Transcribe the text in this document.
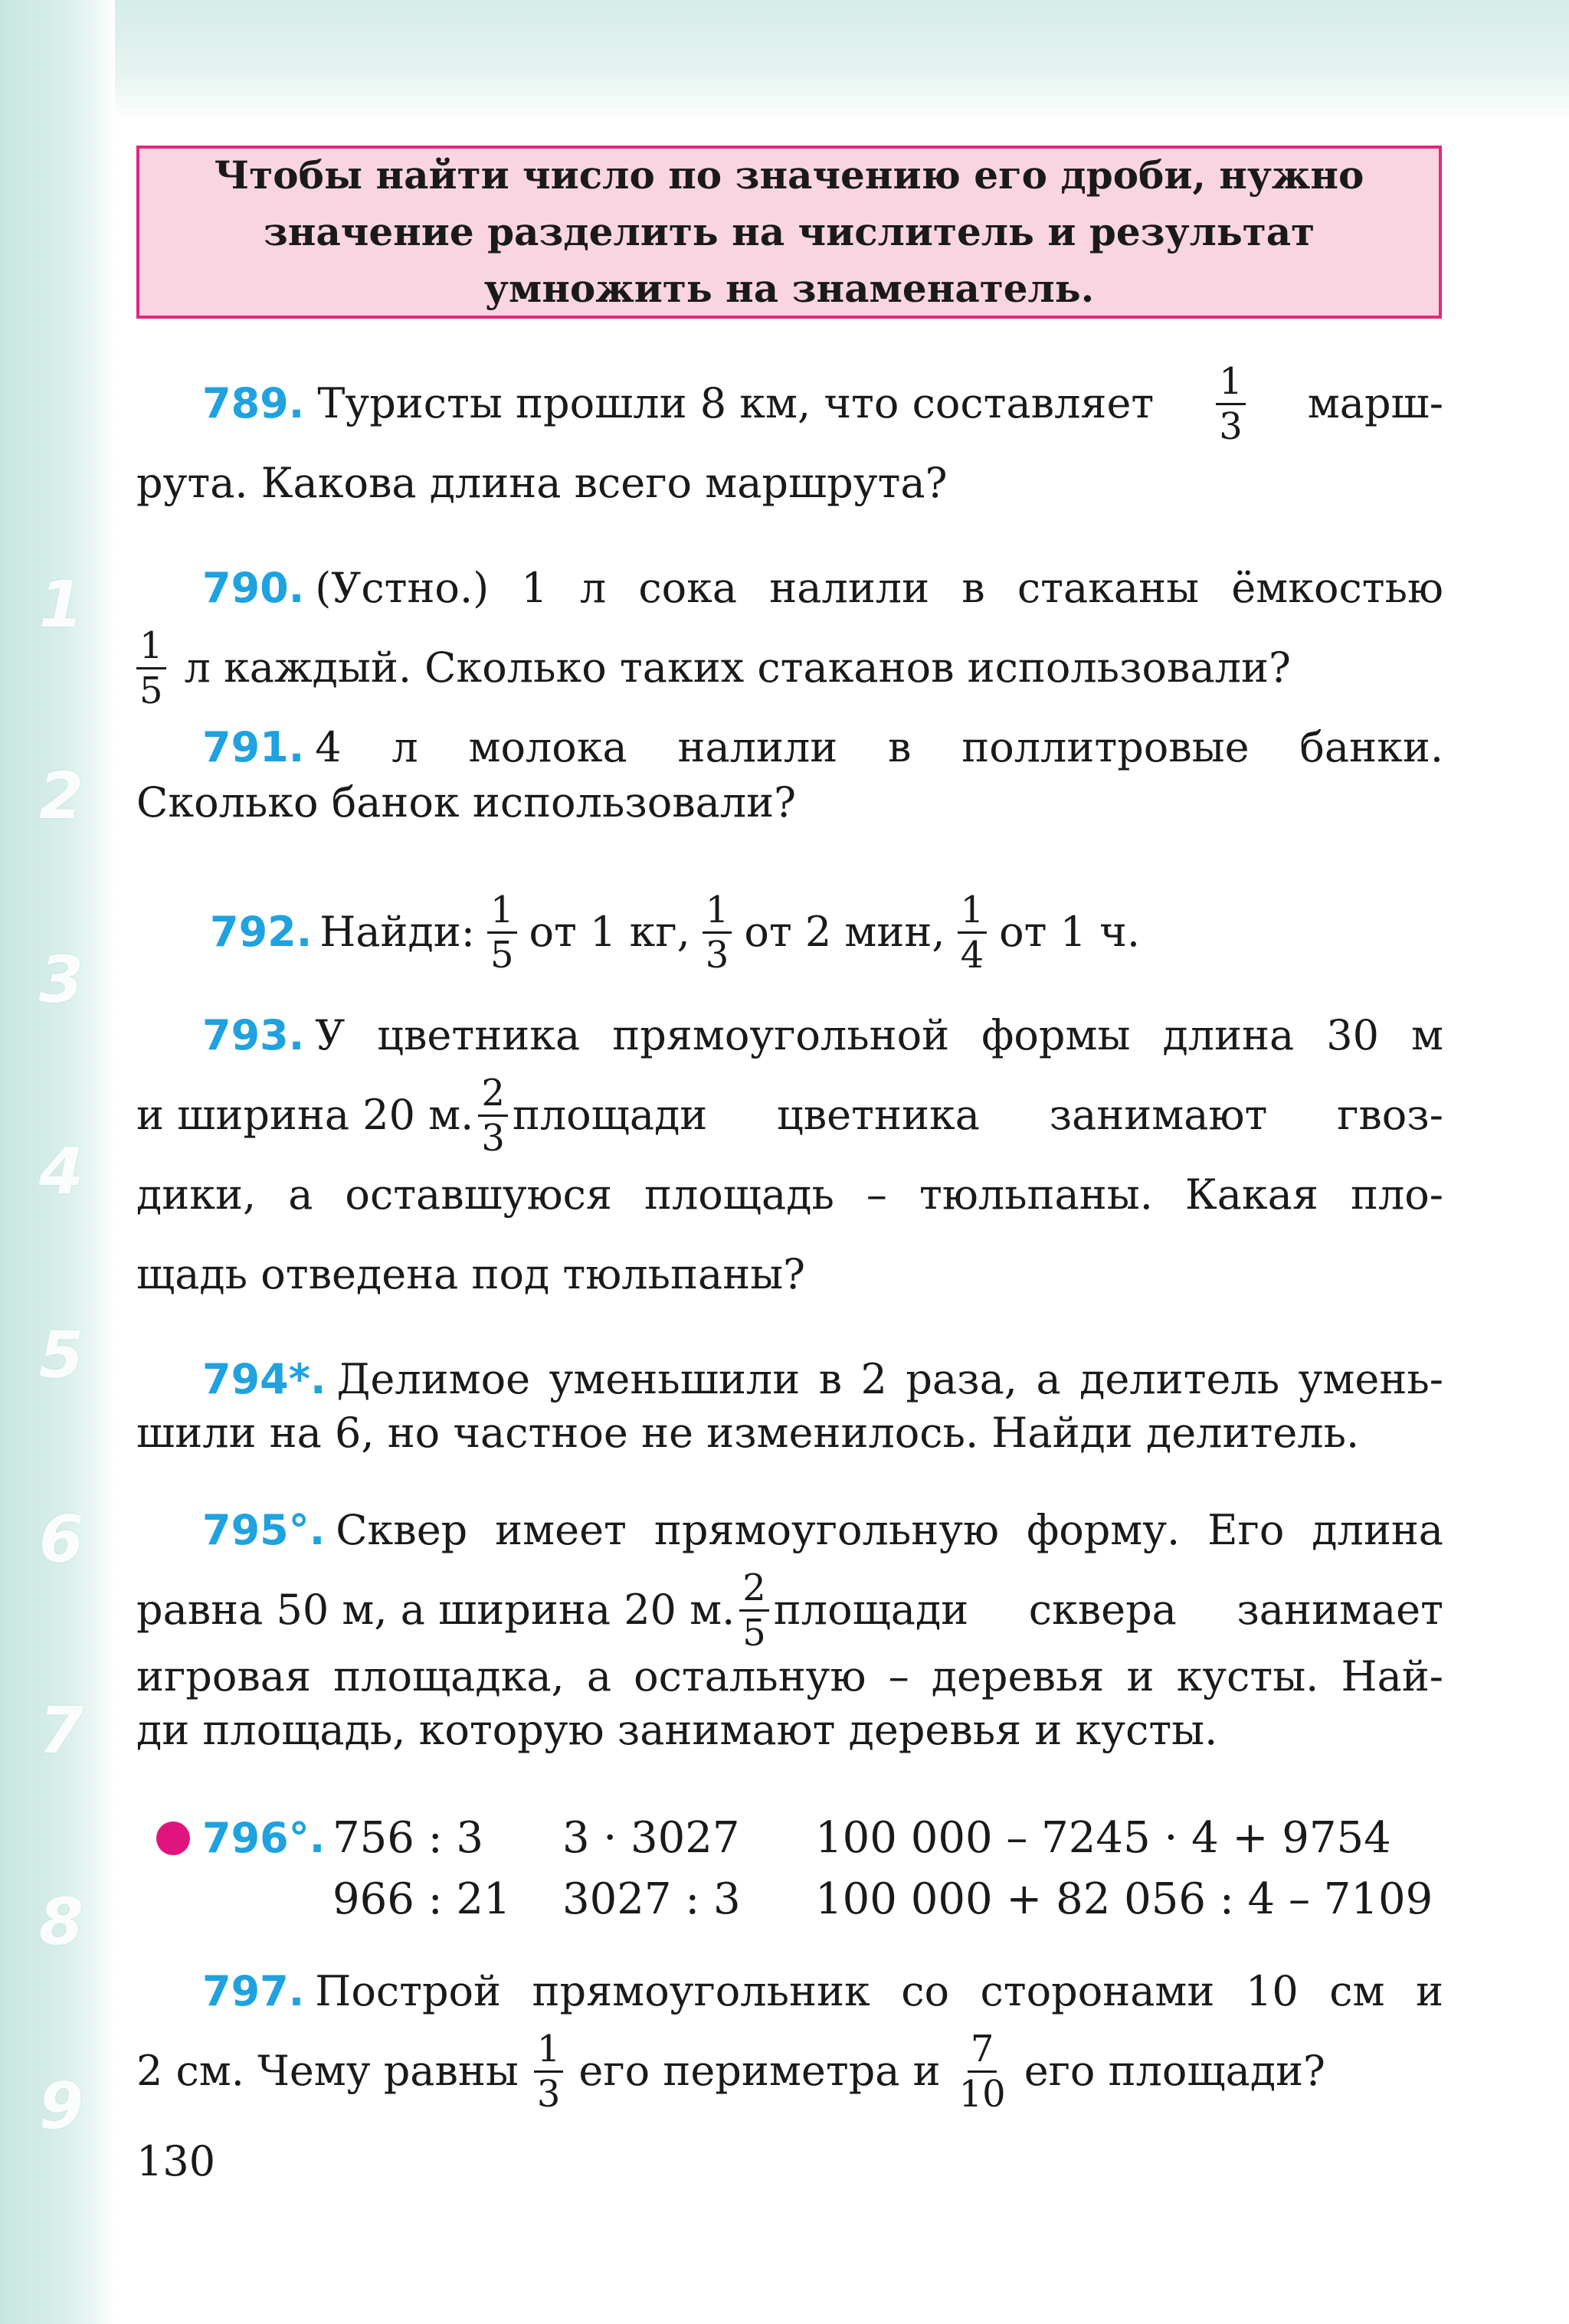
1
2
3
4
5
6
7
8
9
Чтобы найти число по значению его дроби, нужно значение разделить на числитель и результат умножить на знаменатель.
789. Туристы прошли 8 км, что составляет $\frac{1}{3}$ марш-
рута. Какова длина всего маршрута?
790. (Устно.) 1 л сока налили в стаканы ёмкостью
$\frac{1}{5}$ л каждый. Сколько таких стаканов использовали?
791. 4 л молока налили в поллитровые банки.
Сколько банок использовали?
792. Найди: $\frac{1}{5}$ от 1 кг, $\frac{1}{3}$ от 2 мин, $\frac{1}{4}$ от 1 ч.
793. У цветника прямоугольной формы длина 30 м
и ширина 20 м. $\frac{2}{3}$ площади цветника занимают гвоз-
дики, а оставшуюся площадь – тюльпаны. Какая пло-
щадь отведена под тюльпаны?
794*. Делимое уменьшили в 2 раза, а делитель умень-
шили на 6, но частное не изменилось. Найди делитель.
795°. Сквер имеет прямоугольную форму. Его длина
равна 50 м, а ширина 20 м. $\frac{2}{5}$ площади сквера занимает
игровая площадка, а остальную – деревья и кусты. Най-
ди площадь, которую занимают деревья и кусты.
796°. 756 : 3 3 · 3027 100 000 – 7245 · 4 + 9754
966 : 21 3027 : 3 100 000 + 82 056 : 4 – 7109
797. Построй прямоугольник со сторонами 10 см и
2 см. Чему равны $\frac{1}{3}$ его периметра и $\frac{7}{10}$ его площади?
130
